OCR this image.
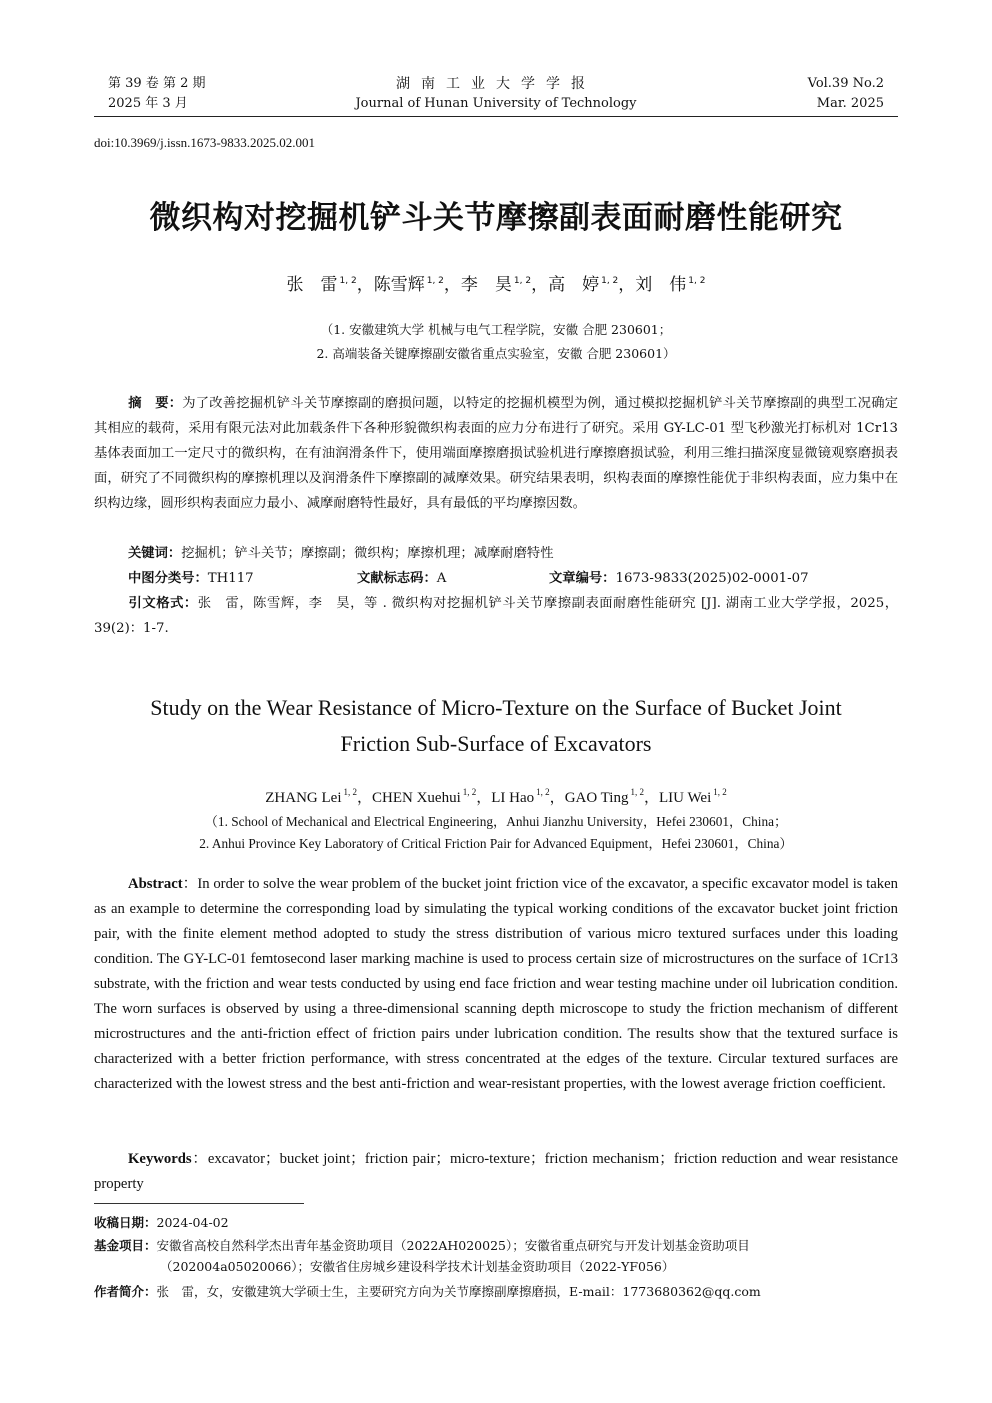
第 39 卷 第 2 期
2025 年 3 月
湖南工业大学学报
Journal of Hunan University of Technology
Vol.39 No.2
Mar. 2025
doi:10.3969/j.issn.1673-9833.2025.02.001
微织构对挖掘机铲斗关节摩擦副表面耐磨性能研究
张　雷 $^{1, 2}$，陈雪辉 $^{1, 2}$，李　昊 $^{1, 2}$，高　婷 $^{1, 2}$，刘　伟 $^{1, 2}$
（1. 安徽建筑大学 机械与电气工程学院，安徽 合肥 230601；
2. 高端装备关键摩擦副安徽省重点实验室，安徽 合肥 230601）
摘　要：为了改善挖掘机铲斗关节摩擦副的磨损问题，以特定的挖掘机模型为例，通过模拟挖掘机铲斗关节摩擦副的典型工况确定其相应的载荷，采用有限元法对此加载条件下各种形貌微织构表面的应力分布进行了研究。采用 GY-LC-01 型飞秒激光打标机对 1Cr13 基体表面加工一定尺寸的微织构，在有油润滑条件下，使用端面摩擦磨损试验机进行摩擦磨损试验，利用三维扫描深度显微镜观察磨损表面，研究了不同微织构的摩擦机理以及润滑条件下摩擦副的减摩效果。研究结果表明，织构表面的摩擦性能优于非织构表面，应力集中在织构边缘，圆形织构表面应力最小、减摩耐磨特性最好，具有最低的平均摩擦因数。
关键词：挖掘机；铲斗关节；摩擦副；微织构；摩擦机理；减摩耐磨特性
中图分类号：TH117	文献标志码：A	文章编号：1673-9833(2025)02-0001-07
引文格式：张　雷，陈雪辉，李　昊，等 . 微织构对挖掘机铲斗关节摩擦副表面耐磨性能研究 [J]. 湖南工业大学学报，2025，39(2)：1-7.
Study on the Wear Resistance of Micro-Texture on the Surface of Bucket Joint
Friction Sub-Surface of Excavators
ZHANG Lei $^{1, 2}$，CHEN Xuehui $^{1, 2}$，LI Hao $^{1, 2}$，GAO Ting $^{1, 2}$，LIU Wei $^{1, 2}$
（1. School of Mechanical and Electrical Engineering，Anhui Jianzhu University，Hefei 230601，China；
2. Anhui Province Key Laboratory of Critical Friction Pair for Advanced Equipment，Hefei 230601，China）
Abstract：In order to solve the wear problem of the bucket joint friction vice of the excavator, a specific excavator model is taken as an example to determine the corresponding load by simulating the typical working conditions of the excavator bucket joint friction pair, with the finite element method adopted to study the stress distribution of various micro textured surfaces under this loading condition. The GY-LC-01 femtosecond laser marking machine is used to process certain size of microstructures on the surface of 1Cr13 substrate, with the friction and wear tests conducted by using end face friction and wear testing machine under oil lubrication condition. The worn surfaces is observed by using a three-dimensional scanning depth microscope to study the friction mechanism of different microstructures and the anti-friction effect of friction pairs under lubrication condition. The results show that the textured surface is characterized with a better friction performance, with stress concentrated at the edges of the texture. Circular textured surfaces are characterized with the lowest stress and the best anti-friction and wear-resistant properties, with the lowest average friction coefficient.
Keywords：excavator；bucket joint；friction pair；micro-texture；friction mechanism；friction reduction and wear resistance property
收稿日期：2024-04-02
基金项目：安徽省高校自然科学杰出青年基金资助项目（2022AH020025）；安徽省重点研究与开发计划基金资助项目
（202004a05020066）；安徽省住房城乡建设科学技术计划基金资助项目（2022-YF056）
作者简介：张　雷，女，安徽建筑大学硕士生，主要研究方向为关节摩擦副摩擦磨损，E-mail：1773680362@qq.com
